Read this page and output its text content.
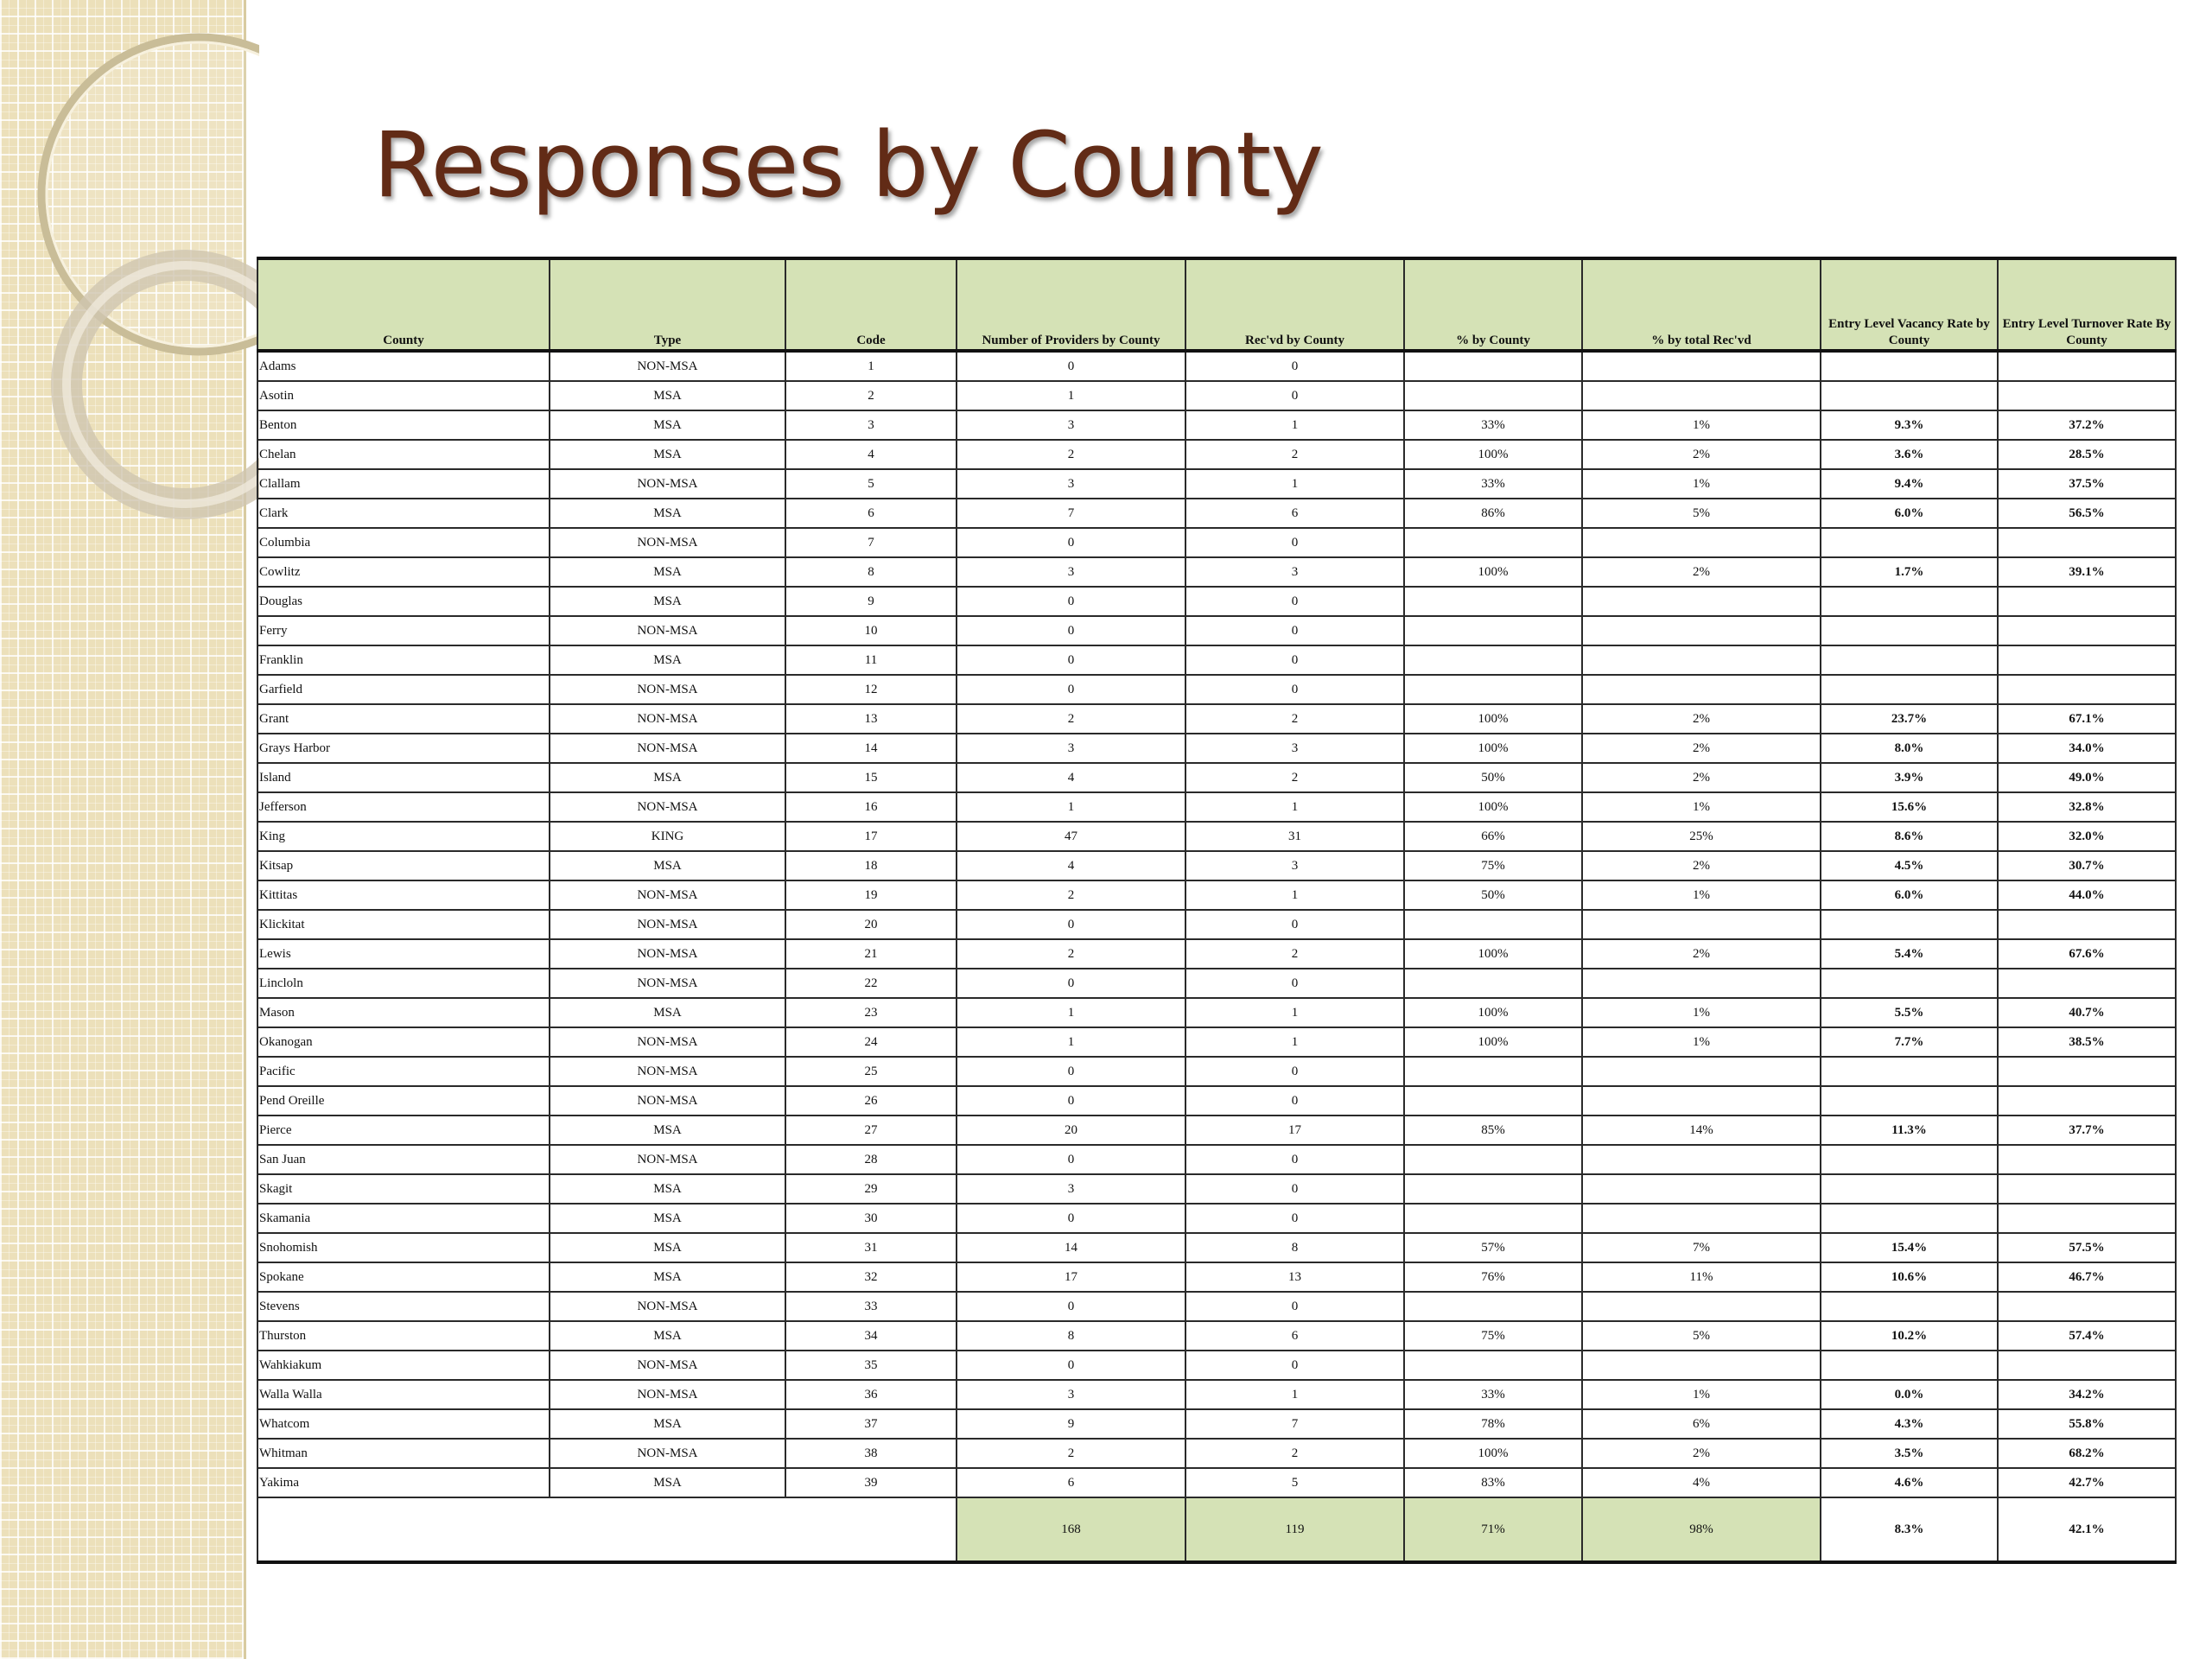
Responses by County
County	Type	Code	Number of Providers by County	Rec'vd by County	% by County	% by total Rec'vd	Entry Level Vacancy Rate by County	Entry Level Turnover Rate By County
Adams	NON-MSA	1	0	0				
Asotin	MSA	2	1	0				
Benton	MSA	3	3	1	33%	1%	9.3%	37.2%
Chelan	MSA	4	2	2	100%	2%	3.6%	28.5%
Clallam	NON-MSA	5	3	1	33%	1%	9.4%	37.5%
Clark	MSA	6	7	6	86%	5%	6.0%	56.5%
Columbia	NON-MSA	7	0	0				
Cowlitz	MSA	8	3	3	100%	2%	1.7%	39.1%
Douglas	MSA	9	0	0				
Ferry	NON-MSA	10	0	0				
Franklin	MSA	11	0	0				
Garfield	NON-MSA	12	0	0				
Grant	NON-MSA	13	2	2	100%	2%	23.7%	67.1%
Grays Harbor	NON-MSA	14	3	3	100%	2%	8.0%	34.0%
Island	MSA	15	4	2	50%	2%	3.9%	49.0%
Jefferson	NON-MSA	16	1	1	100%	1%	15.6%	32.8%
King	KING	17	47	31	66%	25%	8.6%	32.0%
Kitsap	MSA	18	4	3	75%	2%	4.5%	30.7%
Kittitas	NON-MSA	19	2	1	50%	1%	6.0%	44.0%
Klickitat	NON-MSA	20	0	0				
Lewis	NON-MSA	21	2	2	100%	2%	5.4%	67.6%
Lincloln	NON-MSA	22	0	0				
Mason	MSA	23	1	1	100%	1%	5.5%	40.7%
Okanogan	NON-MSA	24	1	1	100%	1%	7.7%	38.5%
Pacific	NON-MSA	25	0	0				
Pend Oreille	NON-MSA	26	0	0				
Pierce	MSA	27	20	17	85%	14%	11.3%	37.7%
San Juan	NON-MSA	28	0	0				
Skagit	MSA	29	3	0				
Skamania	MSA	30	0	0				
Snohomish	MSA	31	14	8	57%	7%	15.4%	57.5%
Spokane	MSA	32	17	13	76%	11%	10.6%	46.7%
Stevens	NON-MSA	33	0	0				
Thurston	MSA	34	8	6	75%	5%	10.2%	57.4%
Wahkiakum	NON-MSA	35	0	0				
Walla Walla	NON-MSA	36	3	1	33%	1%	0.0%	34.2%
Whatcom	MSA	37	9	7	78%	6%	4.3%	55.8%
Whitman	NON-MSA	38	2	2	100%	2%	3.5%	68.2%
Yakima	MSA	39	6	5	83%	4%	4.6%	42.7%
			168	119	71%	98%	8.3%	42.1%
